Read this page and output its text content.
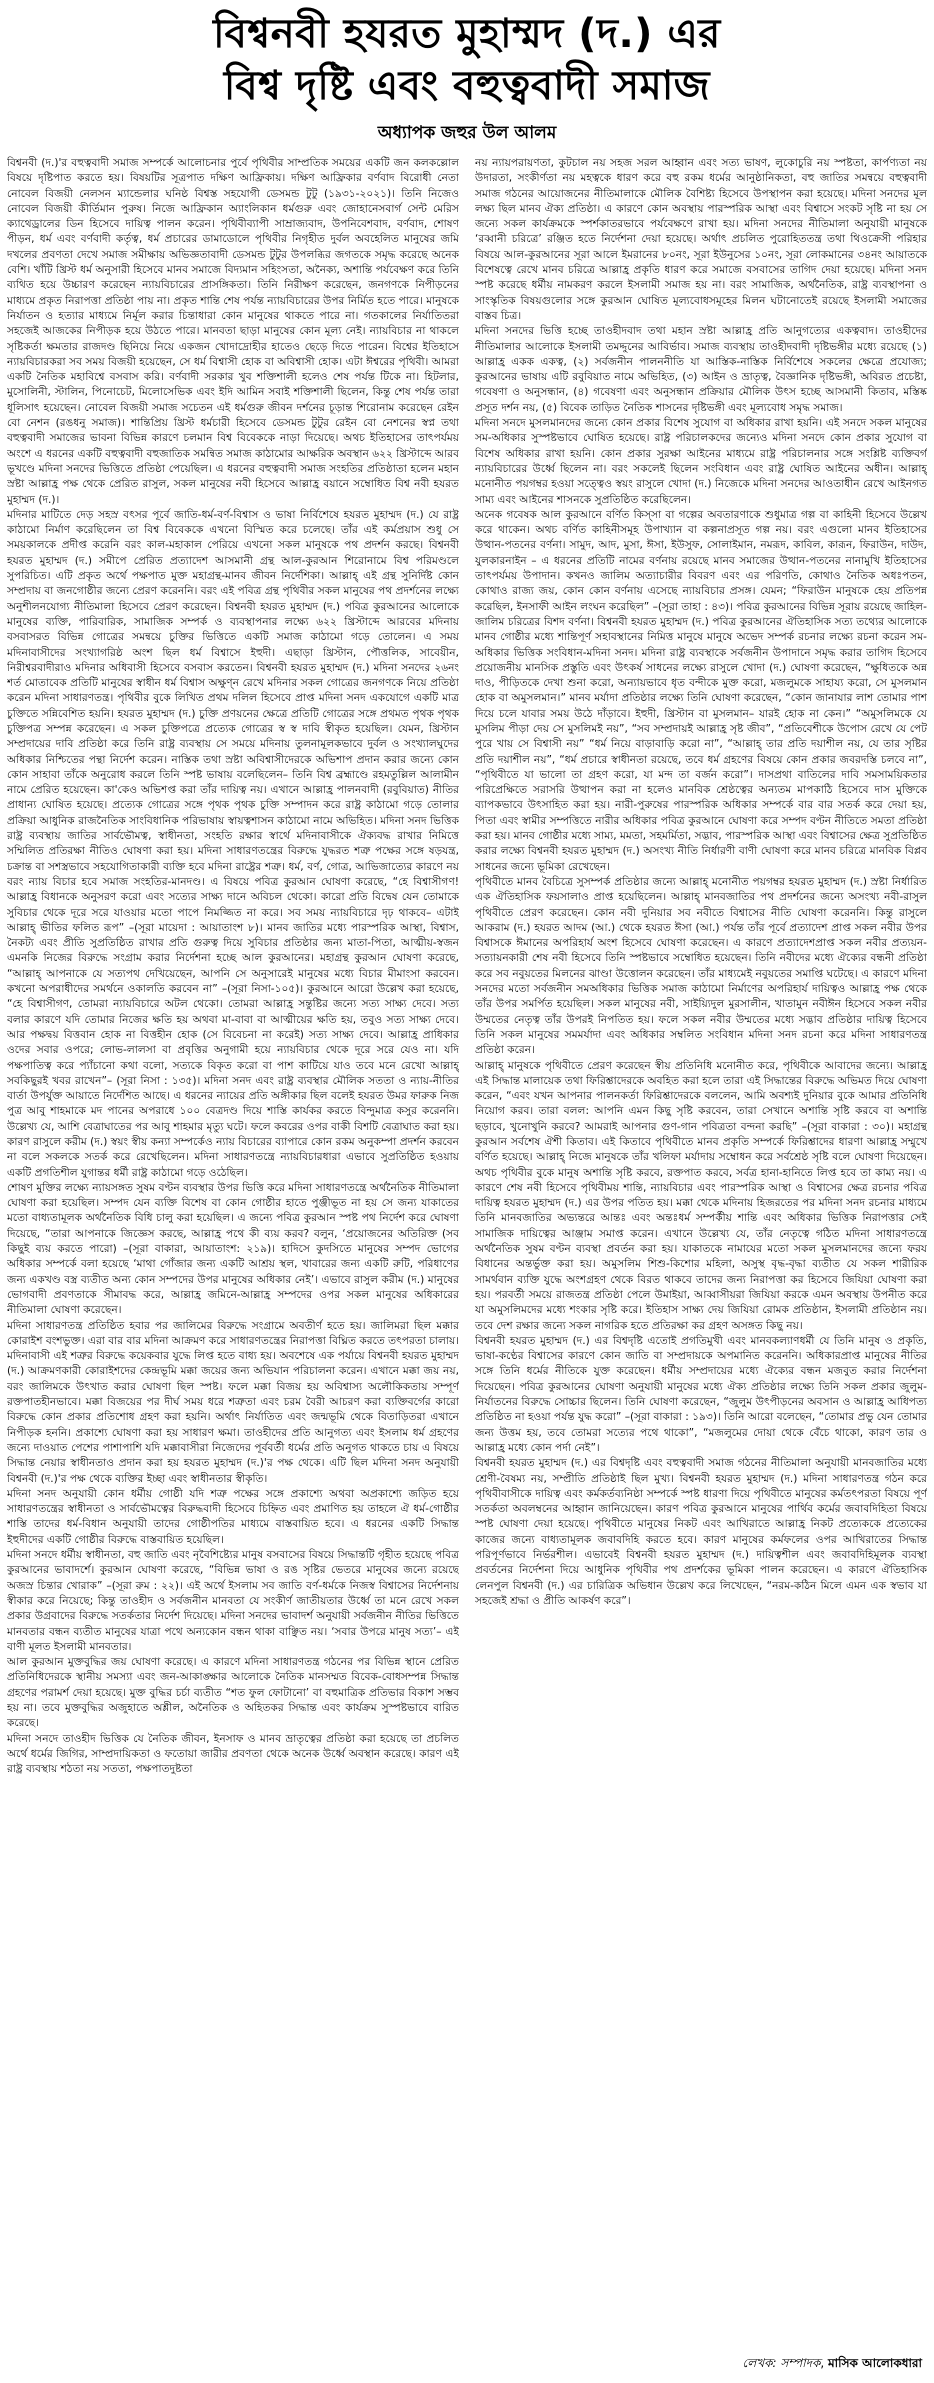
বিশ্বনবী হযরত মুহাম্মদ (দ.) এর
বিশ্ব দৃষ্টি এবং বহুত্ববাদী সমাজ
অধ্যাপক জহুর উল আলম

বিশ্বনবী (দ.)'র বহুত্ববাদী সমাজ সম্পর্কে আলোচনার পুর্বে পৃথিবীর সাম্প্রতিক সময়ের একটি জন কলকল্লোল বিষয়ে দৃষ্টিপাত করতে হয়। বিষয়টির সূত্রপাত দক্ষিণ আফ্রিকায়। দক্ষিণ আফ্রিকার বর্ণবাদ বিরোধী নেতা নোবেল বিজয়ী নেলসন ম্যান্ডেলার ঘনিষ্ঠ বিশ্বস্ত সহযোগী ডেসমন্ড টুটু (১৯৩১-২০২১)। তিনি নিজেও নোবেল বিজয়ী কীর্তিমান পুরুষ। নিজে আফ্রিকান অ্যাংলিকান ধর্মগুরু এবং জোহানেসবার্গ সেন্ট মেরিস ক্যাথেড্রালের ডিন হিসেবে দায়িত্ব পালন করেন। পৃথিবীব্যাপী সাম্রাজ্যবাদ, উপনিবেশবাদ, বর্ণবাদ, শোষণ পীড়ন, ধর্ম এবং বর্ণবাদী কর্তৃত্ব, ধর্ম প্রচারের ডামাডোলে পৃথিবীর নিগৃহীত দুর্বল অবহেলিত মানুষের জমি দখলের প্রবণতা দেখে সমাজ সমীক্ষায় অভিজ্ঞতাবাদী ডেসমন্ড টুটুর উপলব্ধির জগতকে সমৃদ্ধ করেছে অনেক বেশি। খাঁটি খ্রিস্ট ধর্ম অনুসারী হিসেবে মানব সমাজে বিদ্যমান সহিংসতা, অনৈক্য, অশান্তি পর্যবেক্ষণ করে তিনি ব্যথিত হয়ে উচ্চারণ করেছেন ন্যায়বিচারের প্রাসঙ্গিকতা। তিনি নিরীক্ষণ করেছেন, জনগণকে নিপীড়নের মাধ্যমে প্রকৃত নিরাপত্তা প্রতিষ্ঠা পায় না। প্রকৃত শান্তি শেষ পর্যন্ত ন্যায়বিচারের উপর নির্মিত হতে পারে। মানুষকে নির্যাতন ও হত্যার মাধ্যমে নির্মূল করার চিন্তাধারা কোন মানুষের থাকতে পারে না। গতকালের নির্যাতিতরা সহজেই আজকের নিপীড়ক হয়ে উঠতে পারে। মানবতা ছাড়া মানুষের কোন মূল্য নেই। ন্যায়বিচার না থাকলে সৃষ্টিকর্তা ক্ষমতার রাজদণ্ড ছিনিয়ে নিয়ে একজন খোদাদ্রোহীর হাতেও ছেড়ে দিতে পারেন। বিশ্বের ইতিহাসে ন্যায়বিচারকরা সব সময় বিজয়ী হয়েছেন, সে ধর্ম বিশ্বাসী হোক বা অবিশ্বাসী হোক। এটা ঈশ্বরের পৃথিবী। আমরা একটি নৈতিক মহাবিশ্বে বসবাস করি। বর্ণবাদী সরকার খুব শক্তিশালী হলেও শেষ পর্যন্ত টিকে না। হিটলার, মুসোলিনী, স্টালিন, পিনোচেট, মিলোসেভিক এবং ইদি আমিন সবাই শক্তিশালী ছিলেন, কিন্তু শেষ পর্যন্ত তারা ধূলিসাৎ হয়েছেন। নোবেল বিজয়ী সমাজ সচেতন এই ধর্মগুরু জীবন দর্শনের চূড়ান্ত শিরোনাম করেছেন রেইন বো নেশন (রঙধনু সমাজ)। শান্তিপ্রিয় খ্রিস্ট ধর্মচারী হিসেবে ডেসমন্ড টুটুর রেইন বো নেশনের স্বপ্ন তথা বহুত্ববাদী সমাজের ভাবনা বিভিন্ন কারণে চলমান বিশ্ব বিবেককে নাড়া দিয়েছে। অথচ ইতিহাসের তাৎপর্যময় অংশে এ ধরনের একটি বহুত্ববাদী বহুজাতিক সমন্বিত সমাজ কাঠামোর আক্ষরিক অবস্থান ৬২২ খ্রিস্টাব্দে আরব ভূখণ্ডে মদিনা সনদের ভিত্তিতে প্রতিষ্ঠা পেয়েছিল। এ ধরনের বহুত্ববাদী সমাজ সংহতির প্রতিষ্ঠাতা হলেন মহান স্রষ্টা আল্লাহ্র পক্ষ থেকে প্রেরিত রাসুল, সকল মানুষের নবী হিসেবে আল্লাহ্র বয়ানে সম্বোধিত বিশ্ব নবী হযরত মুহাম্মদ (দ.)।

মদিনার মাটিতে দেড় সহস্র বৎসর পূর্বে জাতি-ধর্ম-বর্ণ-বিশ্বাস ও ভাষা নির্বিশেষে হযরত মুহাম্মদ (দ.) যে রাষ্ট্র কাঠামো নির্মাণ করেছিলেন তা বিশ্ব বিবেককে এখনো বিস্মিত করে চলেছে। তাঁর এই কর্মপ্রয়াস শুধু সে সময়কালকে প্রদীপ্ত করেনি বরং কাল-মহাকাল পেরিয়ে এখনো সকল মানুষকে পথ প্রদর্শন করছে। বিশ্বনবী হযরত মুহাম্মদ (দ.) সমীপে প্রেরিত প্রত্যাদেশ আসমানী গ্রন্থ আল-কুরআন শিরোনামে বিশ্ব পরিমণ্ডলে সুপরিচিত। এটি প্রকৃত অর্থে পক্ষপাত মুক্ত মহাগ্রন্থ-মানব জীবন নির্দেশিকা। আল্লাহ্ এই গ্রন্থ সুনির্দিষ্ট কোন সম্প্রদায় বা জনগোষ্ঠীর জন্যে প্রেরণ করেননি। বরং এই পবিত্র গ্রন্থ পৃথিবীর সকল মানুষের পথ প্রদর্শনের লক্ষ্যে অনুশীলনযোগ্য নীতিমালা হিসেবে প্রেরণ করেছেন। বিশ্বনবী হযরত মুহাম্মদ (দ.) পবিত্র কুরআনের আলোকে মানুষের ব্যক্তি, পারিবারিক, সামাজিক সম্পর্ক ও ব্যবস্থাপনার লক্ষ্যে ৬২২ খ্রিস্টাব্দে আরবের মদিনায় বসবাসরত বিভিন্ন গোত্রের সমন্বয়ে চুক্তির ভিত্তিতে একটি সমাজ কাঠামো গড়ে তোলেন। এ সময় মদিনাবাসীদের সংখ্যাগরিষ্ঠ অংশ ছিল ধর্ম বিশ্বাসে ইহুদী। এছাড়া খ্রিস্টান, পৌত্তলিক, সাবেয়ীন, নিরীশ্বরবাদীরাও মদিনার অধিবাসী হিসেবে বসবাস করতেন। বিশ্বনবী হযরত মুহাম্মদ (দ.) মদিনা সনদের ২৬নং শর্ত মোতাবেক প্রতিটি মানুষের স্বাধীন ধর্ম বিশ্বাস অক্ষুণ্ন রেখে মদিনার সকল গোত্রের জনগণকে নিয়ে প্রতিষ্ঠা করেন মদিনা সাধারণতন্ত্র। পৃথিবীর বুকে লিখিত প্রথম দলিল হিসেবে প্রাপ্ত মদিনা সনদ একযোগে একটি মাত্র চুক্তিতে সন্নিবেশিত হয়নি। হযরত মুহাম্মদ (দ.) চুক্তি প্রণয়নের ক্ষেত্রে প্রতিটি গোত্রের সঙ্গে প্রথমত পৃথক পৃথক চুক্তিপত্র সম্পন্ন করেছেন। এ সকল চুক্তিপত্রে প্রত্যেক গোত্রের স্ব স্ব দাবি স্বীকৃত হয়েছিল। যেমন, খ্রিস্টান সম্প্রদায়ের দাবি প্রতিষ্ঠা করে তিনি রাষ্ট্র ব্যবস্থায় সে সময়ে মদিনায় তুলনামূলকভাবে দুর্বল ও সংখ্যালঘুদের অধিকার নিশ্চিতের পন্থা নির্দেশ করেন। নাস্তিক তথা স্রষ্টা অবিশ্বাসীদেরকে অভিশাপ প্রদান করার জন্যে কোন কোন সাহাবা তাঁকে অনুরোধ করলে তিনি স্পষ্ট ভাষায় বলেছিলেন– তিনি বিশ্ব ব্রহ্মাণ্ডে রহমতুল্লিল আলামীন নামে প্রেরিত হয়েছেন। কা'কেও অভিশপ্ত করা তাঁর দায়িত্ব নয়। এখানে আল্লাহ্র পালনবাদী (রবুবিয়াত) নীতির প্রাধান্য ঘোষিত হয়েছে। প্রত্যেক গোত্রের সঙ্গে পৃথক পৃথক চুক্তি সম্পাদন করে রাষ্ট্র কাঠামো গড়ে তোলার প্রক্রিয়া আধুনিক রাজনৈতিক সাংবিধানিক পরিভাষায় স্বায়ত্বশাসন কাঠামো নামে অভিহিত। মদিনা সনদ ভিত্তিক রাষ্ট্র ব্যবস্থায় জাতির সার্বভৌমত্ব, স্বাধীনতা, সংহতি রক্ষার স্বার্থে মদিনাবাসীকে ঐক্যবদ্ধ রাখার নিমিত্তে সম্মিলিত প্রতিরক্ষা নীতিও ঘোষণা করা হয়। মদিনা সাধারণতন্ত্রের বিরুদ্ধে যুদ্ধরত শত্রু পক্ষের সঙ্গে ষড়যন্ত্র, চক্রান্ত বা সশস্ত্রভাবে সহযোগিতাকারী ব্যক্তি হবে মদিনা রাষ্ট্রের শত্রু। ধর্ম, বর্ণ, গোত্র, আভিজাত্যের কারণে নয় বরং ন্যায় বিচার হবে সমাজ সংহতির-মানদণ্ড। এ বিষয়ে পবিত্র কুরআন ঘোষণা করেছে, “হে বিশ্বাসীগণ! আল্লাহ্র বিধানকে অনুসরণ করো এবং সত্যের সাক্ষ্য দানে অবিচল থেকো। কারো প্রতি বিদ্বেষ যেন তোমাকে সুবিচার থেকে দূরে সরে যাওয়ার মতো পাপে নিমজ্জিত না করে। সব সময় ন্যায়বিচারে দৃঢ় থাকবে– এটাই আল্লাহ্ ভীতির ফলিত রূপ” –(সূরা মায়েদা : আয়াতাংশ ৮)। মানব জাতির মধ্যে পারস্পরিক আস্থা, বিশ্বাস, নৈকট্য এবং প্রীতি সুপ্রতিষ্ঠিত রাখার প্রতি গুরুত্ব দিয়ে সুবিচার প্রতিষ্ঠার জন্য মাতা-পিতা, আত্মীয়-স্বজন এমনকি নিজের বিরুদ্ধে সংগ্রাম করার নির্দেশনা হচ্ছে আল কুরআনের। মহাগ্রন্থ কুরআন ঘোষণা করেছে, “আল্লাহ্ আপনাকে যে সত্যপথ দেখিয়েছেন, আপনি সে অনুসারেই মানুষের মধ্যে বিচার মীমাংসা করবেন। কখনো অপরাধীদের সমর্থনে ওকালতি করবেন না” –(সূরা নিসা-১০৫)। কুরআনে আরো উল্লেখ করা হয়েছে, “হে বিশ্বাসীগণ, তোমরা ন্যায়বিচারে অটল থেকো। তোমরা আল্লাহ্র সন্তুষ্টির জন্যে সত্য সাক্ষ্য দেবে। সত্য বলার কারণে যদি তোমার নিজের ক্ষতি হয় অথবা মা-বাবা বা আত্মীয়ের ক্ষতি হয়, তবুও সত্য সাক্ষ্য দেবে। আর পক্ষদ্বয় বিত্তবান হোক না বিত্তহীন হোক (সে বিবেচনা না করেই) সত্য সাক্ষ্য দেবে। আল্লাহ্র প্রাধিকার ওদের সবার ওপরে; লোভ-লালসা বা প্রবৃত্তির অনুগামী হয়ে ন্যায়বিচার থেকে দূরে সরে যেও না। যদি পক্ষপাতিত্ব করে প্যাঁচানো কথা বলো, সত্যকে বিকৃত করো বা পাশ কাটিয়ে যাও তবে মনে রেখো আল্লাহ্ সবকিছুরই খবর রাখেন”– (সূরা নিসা : ১৩৫)। মদিনা সনদ এবং রাষ্ট্র ব্যবস্থার মৌলিক সততা ও ন্যায়-নীতির বার্তা উপর্যুক্ত আয়াতে নির্দেশিত আছে। এ ধরনের ন্যায়ের প্রতি অঙ্গীকার ছিল বলেই হযরত উমর ফারুক নিজ পুত্র আবু শাহমাকে মদ পানের অপরাধে ১০০ বেত্রদণ্ড দিয়ে শাস্তি কার্যকর করতে বিন্দুমাত্র কসুর করেননি। উল্লেখ্য যে, আশি বেত্রাঘাতের পর আবু শাহমার মৃত্যু ঘটে। ফলে কবরের ওপর বাকী বিশটি বেত্রাঘাত করা হয়। কারণ রাসুলে করীম (দ.) স্বয়ং স্বীয় কন্যা সম্পর্কেও ন্যায় বিচারের ব্যাপারে কোন রকম অনুকম্পা প্রদর্শন করবেন না বলে সকলকে সতর্ক করে রেখেছিলেন। মদিনা সাধারণতন্ত্রে ন্যায়বিচারধারা এভাবে সুপ্রতিষ্ঠিত হওয়ায় একটি প্রগতিশীল যুগান্তর ধর্মী রাষ্ট্র কাঠামো গড়ে ওঠেছিল।

শোষণ মুক্তির লক্ষ্যে ন্যায়সঙ্গত সুষম বণ্টন ব্যবস্থার উপর ভিত্তি করে মদিনা সাধারণতন্ত্রে অর্থনৈতিক নীতিমালা ঘোষণা করা হয়েছিল। সম্পদ যেন ব্যক্তি বিশেষ বা কোন গোষ্ঠীর হাতে পুঞ্জীভূত না হয় সে জন্য যাকাতের মতো বাধ্যতামূলক অর্থনৈতিক বিধি চালু করা হয়েছিল। এ জন্যে পবিত্র কুরআন স্পষ্ট পথ নির্দেশ করে ঘোষণা দিয়েছে, “তারা আপনাকে জিজ্ঞেস করছে, আল্লাহ্র পথে কী ব্যয় করব? বলুন, ‘প্রয়োজনের অতিরিক্ত (সব কিছুই ব্যয় করতে পারো) –(সূরা বাকারা, আয়াতাংশ: ২১৯)। হাদিসে কুদসিতে মানুষের সম্পদ ভোগের অধিকার সম্পর্কে বলা হয়েছে ‘মাথা গোঁজার জন্য একটি আশ্রয় স্থল, খাবারের জন্য একটি রুটি, পরিধাণের জন্য একখণ্ড বস্ত্র ব্যতীত অন্য কোন সম্পদের উপর মানুষের অধিকার নেই’। এভাবে রাসুল করীম (দ.) মানুষের ভোগবাদী প্রবণতাকে সীমাবদ্ধ করে, আল্লাহ্র জমিনে-আল্লাহ্র সম্পদের ওপর সকল মানুষের অধিকারের নীতিমালা ঘোষণা করেছেন।

মদিনা সাধারণতন্ত্র প্রতিষ্ঠিত হবার পর জালিমের বিরুদ্ধে সংগ্রামে অবতীর্ণ হতে হয়। জালিমরা ছিল মক্কার কোরাইশ বংশভুক্ত। এরা বার বার মদিনা আক্রমণ করে সাধারণতন্ত্রের নিরাপত্তা বিঘ্নিত করতে তৎপরতা চালায়। মদিনাবাসী এই শত্রুর বিরুদ্ধে কয়েকবার যুদ্ধে লিপ্ত হতে বাধ্য হয়। অবশেষে এক পর্যায়ে বিশ্বনবী হযরত মুহাম্মদ (দ.) আক্রমণকারী কোরাইশদের কেন্দ্রভূমি মক্কা জয়ের জন্য অভিযান পরিচালনা করেন। এখানে মক্কা জয় নয়, বরং জালিমকে উৎখাত করার ঘোষণা ছিল স্পষ্ট। ফলে মক্কা বিজয় হয় অবিশ্বাস্য অলৌকিকতায় সম্পূর্ণ রক্তপাতহীনভাবে। মক্কা বিজয়ের পর দীর্ঘ সময় ধরে শত্রুতা এবং চরম বৈরী আচরণ করা ব্যক্তিবর্গের কারো বিরুদ্ধে কোন প্রকার প্রতিশোধ গ্রহণ করা হয়নি। অর্থাৎ নির্যাতিত এবং জন্মভূমি থেকে বিতাড়িতরা এখানে নিপীড়ক হননি। প্রকাশ্যে ঘোষণা করা হয় সাধারণ ক্ষমা। তাওহীদের প্রতি আনুগত্য এবং ইসলাম ধর্ম গ্রহণের জন্যে দাওয়াত পেশের পাশাপাশি যদি মক্কাবাসীরা নিজেদের পূর্ববর্তী ধর্মের প্রতি অনুগত থাকতে চায় এ বিষয়ে সিদ্ধান্ত নেয়ার স্বাধীনতাও প্রদান করা হয় হযরত মুহাম্মদ (দ.)'র পক্ষ থেকে। এটি ছিল মদিনা সনদ অনুযায়ী বিশ্বনবী (দ.)'র পক্ষ থেকে ব্যক্তির ইচ্ছা এবং স্বাধীনতার স্বীকৃতি।

মদিনা সনদ অনুযায়ী কোন ধর্মীয় গোষ্ঠী যদি শত্রু পক্ষের সঙ্গে প্রকাশ্যে অথবা অপ্রকাশ্যে জড়িত হয়ে সাধারণতন্ত্রের স্বাধীনতা ও সার্বভৌমত্বের বিরুদ্ধবাদী হিসেবে চিহ্নিত এবং প্রমাণিত হয় তাহলে ঐ ধর্ম-গোষ্ঠীর শাস্তি তাদের ধর্ম-বিধান অনুযায়ী তাদের গোষ্ঠীপতির মাধ্যমে বাস্তবায়িত হবে। এ ধরনের একটি সিদ্ধান্ত ইহুদীদের একটি গোষ্ঠীর বিরুদ্ধে বাস্তবায়িত হয়েছিল।

মদিনা সনদে ধর্মীয় স্বাধীনতা, বহু জাতি এবং নৃবৈশিষ্ট্যের মানুষ বসবাসের বিষয়ে সিদ্ধান্তটি গৃহীত হয়েছে পবিত্র কুরআনের ভাবাদর্শে। কুরআন ঘোষণা করেছে, “বিভিন্ন ভাষা ও রঙ সৃষ্টির ভেতরে মানুষের জন্যে রয়েছে অজস্র চিন্তার খোরাক” –(সূরা রুম : ২২)। এই অর্থে ইসলাম সব জাতি বর্ণ-ধর্মকে নিজস্ব বিশ্বাসের নির্দেশনায় স্বীকার করে নিয়েছে; কিন্তু তাওহীদ ও সর্বজনীন মানবতা যে সংকীর্ণ জাতীয়তার উর্ধ্বে তা মনে রেখে সকল প্রকার উগ্রবাদের বিরুদ্ধে সতর্কতার নির্দেশ দিয়েছে। মদিনা সনদের ভাবাদর্শ অনুযায়ী সর্বজনীন নীতির ভিত্তিতে মানবতার বন্ধন ব্যতীত মানুষের যাত্রা পথে অন্যকোন বন্ধন থাকা বাঞ্ছিত নয়। ‘সবার উপরে মানুষ সত্য’– এই বাণী মূলত ইসলামী মানবতার।

আল কুরআন মুক্তবুদ্ধির জয় ঘোষণা করেছে। এ কারণে মদিনা সাধারণতন্ত্র গঠনের পর বিভিন্ন স্থানে প্রেরিত প্রতিনিধিদেরকে স্থানীয় সমস্যা এবং জন-আকাঙ্ক্ষার আলোকে নৈতিক মানসম্মত বিবেক-বোধসম্পন্ন সিদ্ধান্ত গ্রহণের পরামর্শ দেয়া হয়েছে। মুক্ত বুদ্ধির চর্চা ব্যতীত “শত ফুল ফোটানো’ বা বহুমাত্রিক প্রতিভার বিকাশ সম্ভব হয় না। তবে মুক্তবুদ্ধির অজুহাতে অশ্লীল, অনৈতিক ও অহিতকর সিদ্ধান্ত এবং কার্যক্রম সুস্পষ্টভাবে বারিত করেছে।

মদিনা সনদে তাওহীদ ভিত্তিক যে নৈতিক জীবন, ইনসাফ ও মানব ভ্রাতৃত্বের প্রতিষ্ঠা করা হয়েছে তা প্রচলিত অর্থে ধর্মের জিগির, সাম্প্রদায়িকতা ও ফতোয়া জারীর প্রবণতা থেকে অনেক উর্ধ্বে অবস্থান করেছে। কারণ এই রাষ্ট্র ব্যবস্থায় শঠতা নয় সততা, পক্ষপাতদুষ্টতা

নয় ন্যায়পরায়ণতা, কুটচাল নয় সহজ সরল আহ্বান এবং সত্য ভাষণ, লুকোচুরি নয় স্পষ্টতা, কার্পণ্যতা নয় উদারতা, সংকীর্ণতা নয় মহত্বকে ধারণ করে বহু রকম ধর্মের আনুষ্ঠানিকতা, বহু জাতির সমন্বয়ে বহুত্ববাদী সমাজ গঠনের আয়োজনের নীতিমালাকে মৌলিক বৈশিষ্ট্য হিসেবে উপস্থাপন করা হয়েছে। মদিনা সনদের মূল লক্ষ্য ছিল মানব ঐক্য প্রতিষ্ঠা। এ কারণে কোন অবস্থায় পারস্পরিক আস্থা এবং বিশ্বাসে সংকট সৃষ্টি না হয় সে জন্যে সকল কার্যক্রমকে স্পর্শকাতরভাবে পর্যবেক্ষণে রাখা হয়। মদিনা সনদের নীতিমালা অনুযায়ী মানুষকে ‘রব্বানী চরিত্রে’ রঞ্জিত হতে নির্দেশনা দেয়া হয়েছে। অর্থাৎ প্রচলিত পুরোহিততন্ত্র তথা থিওক্রেসী পরিহার বিষয়ে আল-কুরআনের সূরা আলে ইমরানের ৮০নং, সূরা ইউনুসের ১০নং, সূরা লোকমানের ৩৪নং আয়াতকে বিশেষত্বে রেখে মানব চরিত্রে আল্লাহ্র প্রকৃতি ধারণ করে সমাজে বসবাসের তাগিদ দেয়া হয়েছে। মদিনা সনদ স্পষ্ট করেছে ধর্মীয় নামকরণ করলে ইসলামী সমাজ হয় না। বরং সামাজিক, অর্থনৈতিক, রাষ্ট্র ব্যবস্থাপনা ও সাংস্কৃতিক বিষয়গুলোর সঙ্গে কুরআন ঘোষিত মূল্যবোধসমূহের মিলন ঘটানোতেই রয়েছে ইসলামী সমাজের বাস্তব চিত্র।

মদিনা সনদের ভিত্তি হচ্ছে তাওহীদবাদ তথা মহান স্রষ্টা আল্লাহ্র প্রতি আনুগত্যের একত্ববাদ। তাওহীদের নীতিমালার আলোকে ইসলামী তমদ্দুনের আবির্ভাব। সমাজ ব্যবস্থায় তাওহীদবাদী দৃষ্টিভঙ্গীর মধ্যে রয়েছে (১) আল্লাহ্র একক একত্ব, (২) সর্বজনীন পালননীতি যা আস্তিক-নাস্তিক নির্বিশেষে সকলের ক্ষেত্রে প্রযোজ্য; কুরআনের ভাষায় এটি রবুবিয়াত নামে অভিহিত, (৩) আইন ও ভ্রাতৃত্ব, বৈজ্ঞানিক দৃষ্টিভঙ্গী, অবিরত প্রচেষ্টা, গবেষণা ও অনুসন্ধান, (৪) গবেষণা এবং অনুসন্ধান প্রক্রিয়ার মৌলিক উৎস হচ্ছে আসমানী কিতাব, মস্তিষ্ক প্রসূত দর্শন নয়, (৫) বিবেক তাড়িত নৈতিক শাসনের দৃষ্টিভঙ্গী এবং মূল্যবোধ সমৃদ্ধ সমাজ।

মদিনা সনদে মুসলমানদের জন্যে কোন প্রকার বিশেষ সুযোগ বা অধিকার রাখা হয়নি। এই সনদে সকল মানুষের সম-অধিকার সুস্পষ্টভাবে ঘোষিত হয়েছে। রাষ্ট্র পরিচালকদের জন্যেও মদিনা সনদে কোন প্রকার সুযোগ বা বিশেষ অধিকার রাখা হয়নি। কোন প্রকার সুরক্ষা আইনের মাধ্যমে রাষ্ট্র পরিচালনার সঙ্গে সংশ্লিষ্ট ব্যক্তিবর্গ ন্যায়বিচারের উর্ধ্বে ছিলেন না। বরং সকলেই ছিলেন সংবিধান এবং রাষ্ট্র ঘোষিত আইনের অধীন। আল্লাহ্ মনোনীত পয়গম্বর হওয়া সত্ত্বেও স্বয়ং রাসুলে খোদা (দ.) নিজেকে মদিনা সনদের আওতাধীন রেখে আইনগত সাম্য এবং আইনের শাসনকে সুপ্রতিষ্ঠিত করেছিলেন।

অনেক গবেষক আল কুরআনে বর্ণিত কিস্সা বা গল্পের অবতারণাকে শুধুমাত্র গল্প বা কাহিনী হিসেবে উল্লেখ করে থাকেন। অথচ বর্ণিত কাহিনীসমূহ উপাখ্যান বা কল্পনাপ্রসূত গল্প নয়। বরং এগুলো মানব ইতিহাসের উত্থান-পতনের বর্ণনা। সামুদ, আদ, মুসা, ঈসা, ইউসুফ, সোলাইমান, নমরূদ, কাবিল, কারূন, ফিরাউন, দাউদ, যুলকারনাইন – এ ধরনের প্রতিটি নামের বর্ণনায় রয়েছে মানব সমাজের উত্থান-পতনের নানামুখি ইতিহাসের তাৎপর্যময় উপাদান। কখনও জালিম অত্যাচারীর বিবরণ এবং এর পরিণতি, কোথাও নৈতিক অধঃপতন, কোথাও রাজ্য জয়, কোন কোন বর্ণনায় এসেছে ন্যায়বিচার প্রসঙ্গ। যেমন; “ফিরাউন মানুষকে হেয় প্রতিপন্ন করেছিল, ইনসাফী আইন লংঘন করেছিল” –(সূরা তাহা : ৪৩)। পবিত্র কুরআনের বিভিন্ন সূরায় রয়েছে জাহিল-জালিম চরিত্রের বিশদ বর্ণনা। বিশ্বনবী হযরত মুহাম্মদ (দ.) পবিত্র কুরআনের ঐতিহাসিক সত্য তথ্যের আলোকে মানব গোষ্ঠীর মধ্যে শান্তিপূর্ণ সহাবস্থানের নিমিত্ত মানুষে মানুষে অভেদ সম্পর্ক রচনার লক্ষ্যে রচনা করেন সম-অধিকার ভিত্তিক সংবিধান-মদিনা সনদ। মদিনা রাষ্ট্র ব্যবস্থাকে সর্বজনীন উপাদানে সমৃদ্ধ করার তাগিদ হিসেবে প্রয়োজনীয় মানসিক প্রস্তুতি এবং উৎকর্ষ সাধনের লক্ষ্যে রাসুলে খোদা (দ.) ঘোষণা করেছেন, “ক্ষুধিতকে অন্ন দাও, পীড়িতকে দেখা শুনা করো, অন্যায়ভাবে ধৃত বন্দীকে মুক্ত করো, মজলুমকে সাহায্য করো, সে মুসলমান হোক বা অমুসলমান।” মানব মর্যাদা প্রতিষ্ঠার লক্ষ্যে তিনি ঘোষণা করেছেন, “কোন জানাযার লাশ তোমার পাশ দিয়ে চলে যাবার সময় উঠে দাঁড়াবে। ইহুদী, খ্রিস্টান বা মুসলমান– যারই হোক না কেন।” “অমুসলিমকে যে মুসলিম পীড়া দেয় সে মুসলিমই নয়”, “সব সম্প্রদায়ই আল্লাহ্র সৃষ্ট জীব”, “প্রতিবেশীকে উপোস রেখে যে পেট পুরে খায় সে বিশ্বাসী নয়” “ধর্ম নিয়ে বাড়াবাড়ি করো না”, “আল্লাহ্ তার প্রতি দয়াশীল নয়, যে তার সৃষ্টির প্রতি দয়াশীল নয়”, “ধর্ম প্রচারে স্বাধীনতা রয়েছে, তবে ধর্ম গ্রহণের বিষয়ে কোন প্রকার জবরদস্তি চলবে না”, “পৃথিবীতে যা ভালো তা গ্রহণ করো, যা মন্দ তা বর্জন করো”। দাসপ্রথা বাতিলের দাবি সমসাময়িকতার পরিপ্রেক্ষিতে সরাসরি উত্থাপন করা না হলেও মানবিক শ্রেষ্ঠত্বের অন্যতম মাপকাঠি হিসেবে দাস মুক্তিকে ব্যাপকভাবে উৎসাহিত করা হয়। নারী-পুরুষের পারস্পরিক অধিকার সম্পর্কে বার বার সতর্ক করে দেয়া হয়, পিতা এবং স্বামীর সম্পত্তিতে নারীর অধিকার পবিত্র কুরআনে ঘোষণা করে সম্পদ বণ্টন নীতিতে সমতা প্রতিষ্ঠা করা হয়। মানব গোষ্ঠীর মধ্যে সাম্য, মমতা, সহমর্মিতা, সদ্ভাব, পারস্পরিক আস্থা এবং বিশ্বাসের ক্ষেত্র সুপ্রতিষ্ঠিত করার লক্ষ্যে বিশ্বনবী হযরত মুহাম্মদ (দ.) অসংখ্য নীতি নির্ধারণী বাণী ঘোষণা করে মানব চরিত্রে মানবিক বিপ্লব সাধনের জন্যে ভূমিকা রেখেছেন।

পৃথিবীতে মানব বৈচিত্রে সুসম্পর্ক প্রতিষ্ঠার জন্যে আল্লাহ্ মনোনীত পয়গম্বর হযরত মুহাম্মদ (দ.) স্রষ্টা নির্ধারিত এক ঐতিহাসিক ফয়সালাও প্রাপ্ত হয়েছিলেন। আল্লাহ্ মানবজাতির পথ প্রদর্শনের জন্যে অসংখ্য নবী-রাসুল পৃথিবীতে প্রেরণ করেছেন। কোন নবী দুনিয়ার সব নবীতে বিশ্বাসের নীতি ঘোষণা করেননি। কিন্তু রাসুলে আকরাম (দ.) হযরত আদম (আ.) থেকে হযরত ঈসা (আ.) পর্যন্ত তাঁর পূর্বে প্রত্যাদেশ প্রাপ্ত সকল নবীর উপর বিশ্বাসকে ঈমানের অপরিহার্য অংশ হিসেবে ঘোষণা করেছেন। এ কারণে প্রত্যাদেশপ্রাপ্ত সকল নবীর প্রত্যয়ন-সত্যায়নকারী শেষ নবী হিসেবে তিনি স্পষ্টভাবে সম্বোধিত হয়েছেন। তিনি নবীদের মধ্যে ঐক্যের বন্ধনী প্রতিষ্ঠা করে সব নবুয়তের মিলনের ঝাণ্ডা উত্তোলন করেছেন। তাঁর মাধ্যমেই নবুয়তের সমাপ্তি ঘটেছে। এ কারণে মদিনা সনদের মতো সর্বজনীন সমঅধিকার ভিত্তিক সমাজ কাঠামো নির্মাণের অপরিহার্য দায়িত্বও আল্লাহ্র পক্ষ থেকে তাঁর উপর সমর্পিত হয়েছিল। সকল মানুষের নবী, সাইয়্যিদুল মুরসালীন, খাতামুন নবীঈন হিসেবে সকল নবীর উম্মতের নেতৃত্ব তাঁর উপরই নিপতিত হয়। ফলে সকল নবীর উম্মতের মধ্যে সদ্ভাব প্রতিষ্ঠার দায়িত্ব হিসেবে তিনি সকল মানুষের সমমর্যাদা এবং অধিকার সম্বলিত সংবিধান মদিনা সনদ রচনা করে মদিনা সাধারণতন্ত্র প্রতিষ্ঠা করেন।

আল্লাহ্ মানুষকে পৃথিবীতে প্রেরণ করেছেন স্বীয় প্রতিনিধি মনোনীত করে, পৃথিবীকে আবাদের জন্যে। আল্লাহ্র এই সিদ্ধান্ত মালায়েক তথা ফিরিশ্তাদেরকে অবহিত করা হলে তারা এই সিদ্ধান্তের বিরুদ্ধে অভিমত দিয়ে ঘোষণা করেন, “এবং যখন আপনার পালনকর্তা ফিরিশ্তাদেরকে বললেন, আমি অবশ্যই দুনিয়ার বুকে আমার প্রতিনিধি নিয়োগ করব। তারা বলল: আপনি এমন কিছু সৃষ্টি করবেন, তারা সেখানে অশান্তি সৃষ্টি করবে বা অশান্তি ছড়াবে, খুনোখুনি করবে? আমরাই আপনার গুণ-গান পবিত্রতা বন্দনা করছি” –(সূরা বাকারা : ৩০)। মহাগ্রন্থ কুরআন সর্বশেষ ঐশী কিতাব। এই কিতাবে পৃথিবীতে মানব প্রকৃতি সম্পর্কে ফিরিশ্তাদের ধারণা আল্লাহ্র সম্মুখে বর্ণিত হয়েছে। আল্লাহ্ নিজে মানুষকে তাঁর খলিফা মর্যাদায় সম্বোধন করে সর্বশ্রেষ্ঠ সৃষ্টি বলে ঘোষণা দিয়েছেন। অথচ পৃথিবীর বুকে মানুষ অশান্তি সৃষ্টি করবে, রক্তপাত করবে, সর্বত্র হানা-হানিতে লিপ্ত হবে তা কাম্য নয়। এ কারণে শেষ নবী হিসেবে পৃথিবীময় শান্তি, ন্যায়বিচার এবং পারস্পরিক আস্থা ও বিশ্বাসের ক্ষেত্র রচনার পবিত্র দায়িত্ব হযরত মুহাম্মদ (দ.) এর উপর পতিত হয়। মক্কা থেকে মদিনায় হিজরতের পর মদিনা সনদ রচনার মাধ্যমে তিনি মানবজাতির অভ্যন্তরে আন্তঃ এবং অন্তঃধর্ম সম্পর্কীয় শান্তি এবং অধিকার ভিত্তিক নিরাপত্তার সেই সামাজিক দায়িত্বের আঞ্জাম সমাপ্ত করেন। এখানে উল্লেখ্য যে, তাঁর নেতৃত্বে গঠিত মদিনা সাধারণতন্ত্রে অর্থনৈতিক সুষম বণ্টন ব্যবস্থা প্রবর্তন করা হয়। যাকাতকে নামাযের মতো সকল মুসলমানদের জন্যে ফরয বিধানের অন্তর্ভুক্ত করা হয়। অমুসলিম শিশু-কিশোর মহিলা, অসুস্থ বৃদ্ধ-বৃদ্ধা ব্যতীত যে সকল শারীরিক সামর্থবান ব্যক্তি যুদ্ধে অংশগ্রহণ থেকে বিরত থাকবে তাদের জন্য নিরাপত্তা কর হিসেবে জিযিয়া ঘোষণা করা হয়। পরবর্তী সময়ে রাজতন্ত্র প্রতিষ্ঠা পেলে উমাইয়া, আব্বাসীয়রা জিযিয়া করকে এমন অবস্থায় উপনীত করে যা অমুসলিমদের মধ্যে শংকার সৃষ্টি করে। ইতিহাস সাক্ষ্য দেয় জিযিয়া রোমক প্রতিষ্ঠান, ইসলামী প্রতিষ্ঠান নয়। তবে দেশ রক্ষার জন্যে সকল নাগরিক হতে প্রতিরক্ষা কর গ্রহণ অসঙ্গত কিছু নয়।

বিশ্বনবী হযরত মুহাম্মদ (দ.) এর বিশ্বদৃষ্টি এতোই প্রগতিমুখী এবং মানবকল্যাণধর্মী যে তিনি মানুষ ও প্রকৃতি, ভাষা-কণ্ঠের বিশ্বাসের কারণে কোন জাতি বা সম্প্রদায়কে অপমানিত করেননি। অধিকারপ্রাপ্ত মানুষের নীতির সঙ্গে তিনি ধর্মের নীতিকে যুক্ত করেছেন। ধর্মীয় সম্প্রদায়ের মধ্যে ঐক্যের বন্ধন মজবুত করার নির্দেশনা দিয়েছেন। পবিত্র কুরআনের ঘোষণা অনুযায়ী মানুষের মধ্যে ঐক্য প্রতিষ্ঠার লক্ষ্যে তিনি সকল প্রকার জুলুম-নির্যাতনের বিরুদ্ধে সোচ্চার ছিলেন। তিনি ঘোষণা করেছেন, “জুলুম উৎপীড়নের অবসান ও আল্লাহ্র আধিপত্য প্রতিষ্ঠিত না হওয়া পর্যন্ত যুদ্ধ করো” –(সূরা বাকারা : ১৯৩)। তিনি আরো বলেছেন, “তোমার প্রভু যেন তোমার জন্য উত্তম হয়, তবে তোমরা সত্যের পথে থাকো”, “মজলুমের দোয়া থেকে বেঁচে থাকো, কারণ তার ও আল্লাহ্র মধ্যে কোন পর্দা নেই”।

বিশ্বনবী হযরত মুহাম্মদ (দ.) এর বিশ্বদৃষ্টি এবং বহুত্ববাদী সমাজ গঠনের নীতিমালা অনুযায়ী মানবজাতির মধ্যে শ্রেণী-বৈষম্য নয়, সম্প্রীতি প্রতিষ্ঠাই ছিল মুখ্য। বিশ্বনবী হযরত মুহাম্মদ (দ.) মদিনা সাধারণতন্ত্র গঠন করে পৃথিবীবাসীকে দায়িত্ব এবং কর্মকর্তব্যনিষ্ঠা সম্পর্কে স্পষ্ট ধারণা দিয়ে পৃথিবীতে মানুষের কর্মতৎপরতা বিষয়ে পূর্ণ সতর্কতা অবলম্বনের আহ্বান জানিয়েছেন। কারণ পবিত্র কুরআনে মানুষের পার্থিব কর্মের জবাবদিহিতা বিষয়ে স্পষ্ট ঘোষণা দেয়া হয়েছে। পৃথিবীতে মানুষের নিকট এবং আখিরাতে আল্লাহ্র নিকট প্রত্যেককে প্রত্যেকের কাজের জন্যে বাধ্যতামূলক জবাবদিহি করতে হবে। কারণ মানুষের কর্মফলের ওপর আখিরাতের সিদ্ধান্ত পরিপূর্ণভাবে নির্ভরশীল। এভাবেই বিশ্বনবী হযরত মুহাম্মদ (দ.) দায়িত্বশীল এবং জবাবদিহিমূলক ব্যবস্থা প্রবর্তনের নির্দেশনা দিয়ে আধুনিক পৃথিবীর পথ প্রদর্শকের ভূমিকা পালন করেছেন। এ কারণে ঐতিহাসিক লেনপুল বিশ্বনবী (দ.) এর চারিত্রিক অভিধান উল্লেখ করে লিখেছেন, “নরম-কঠিন মিলে এমন এক স্বভাব যা সহজেই শ্রদ্ধা ও প্রীতি আকর্ষণ করে”।

লেখক: সম্পাদক, মাসিক আলোকধারা
